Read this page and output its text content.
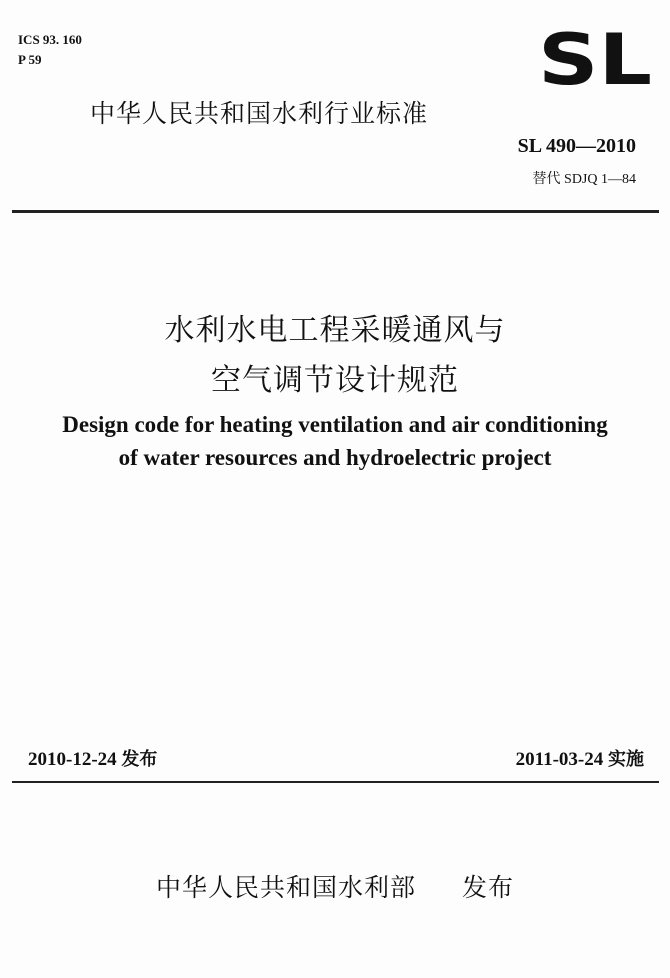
ICS 93. 160
P 59	SL
中华人民共和国水利行业标准
SL 490—2010
替代 SDJQ 1—84
水利水电工程采暖通风与
空气调节设计规范
Design code for heating ventilation and air conditioning
of water resources and hydroelectric project
2010-12-24 发布	2011-03-24 实施
中华人民共和国水利部 发布
